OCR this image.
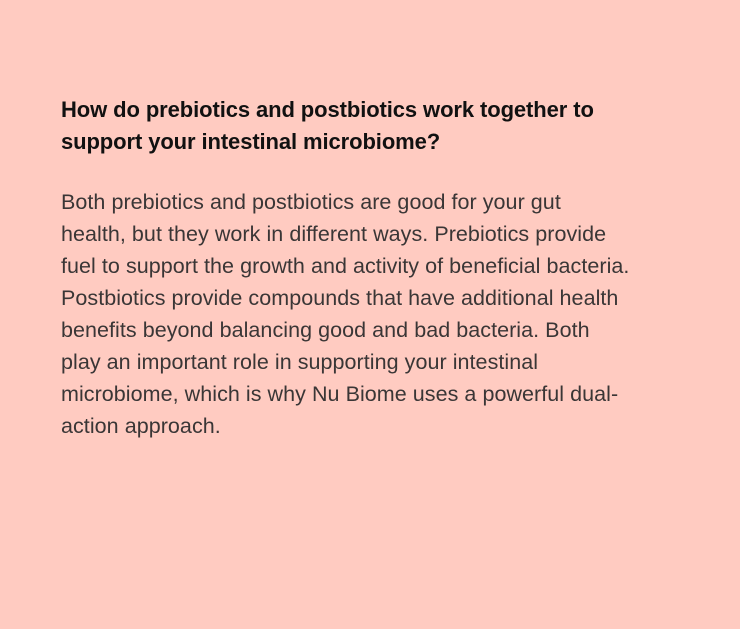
How do prebiotics and postbiotics work together to support your intestinal microbiome?

Both prebiotics and postbiotics are good for your gut health, but they work in different ways. Prebiotics provide fuel to support the growth and activity of beneficial bacteria. Postbiotics provide compounds that have additional health benefits beyond balancing good and bad bacteria. Both play an important role in supporting your intestinal microbiome, which is why Nu Biome uses a powerful dual-action approach.
